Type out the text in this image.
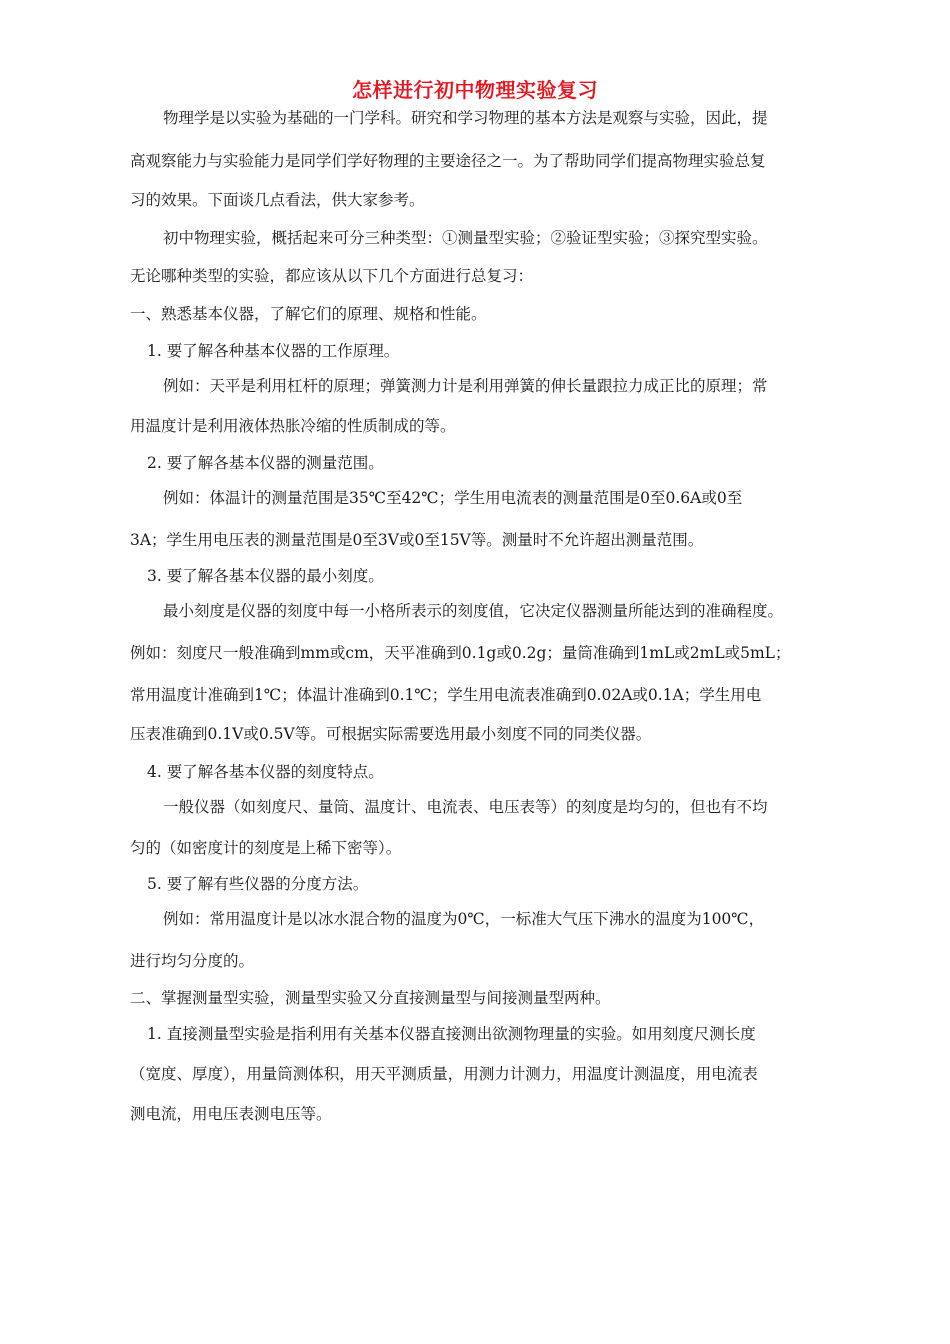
怎样进行初中物理实验复习
物理学是以实验为基础的一门学科。研究和学习物理的基本方法是观察与实验，因此，提
高观察能力与实验能力是同学们学好物理的主要途径之一。为了帮助同学们提高物理实验总复
习的效果。下面谈几点看法，供大家参考。
初中物理实验，概括起来可分三种类型：①测量型实验；②验证型实验；③探究型实验。
无论哪种类型的实验，都应该从以下几个方面进行总复习：
一、熟悉基本仪器，了解它们的原理、规格和性能。
1. 要了解各种基本仪器的工作原理。
例如：天平是利用杠杆的原理；弹簧测力计是利用弹簧的伸长量跟拉力成正比的原理；常
用温度计是利用液体热胀冷缩的性质制成的等。
2. 要了解各基本仪器的测量范围。
例如：体温计的测量范围是35℃至42℃；学生用电流表的测量范围是0至0.6A或0至
3A；学生用电压表的测量范围是0至3V或0至15V等。测量时不允许超出测量范围。
3. 要了解各基本仪器的最小刻度。
最小刻度是仪器的刻度中每一小格所表示的刻度值，它决定仪器测量所能达到的准确程度。
例如：刻度尺一般准确到mm或cm，天平准确到0.1g或0.2g；量筒准确到1mL或2mL或5mL；
常用温度计准确到1℃；体温计准确到0.1℃；学生用电流表准确到0.02A或0.1A；学生用电
压表准确到0.1V或0.5V等。可根据实际需要选用最小刻度不同的同类仪器。
4. 要了解各基本仪器的刻度特点。
一般仪器（如刻度尺、量筒、温度计、电流表、电压表等）的刻度是均匀的，但也有不均
匀的（如密度计的刻度是上稀下密等）。
5. 要了解有些仪器的分度方法。
例如：常用温度计是以冰水混合物的温度为0℃，一标准大气压下沸水的温度为100℃，
进行均匀分度的。
二、掌握测量型实验，测量型实验又分直接测量型与间接测量型两种。
1. 直接测量型实验是指利用有关基本仪器直接测出欲测物理量的实验。如用刻度尺测长度
（宽度、厚度），用量筒测体积，用天平测质量，用测力计测力，用温度计测温度，用电流表
测电流，用电压表测电压等。
